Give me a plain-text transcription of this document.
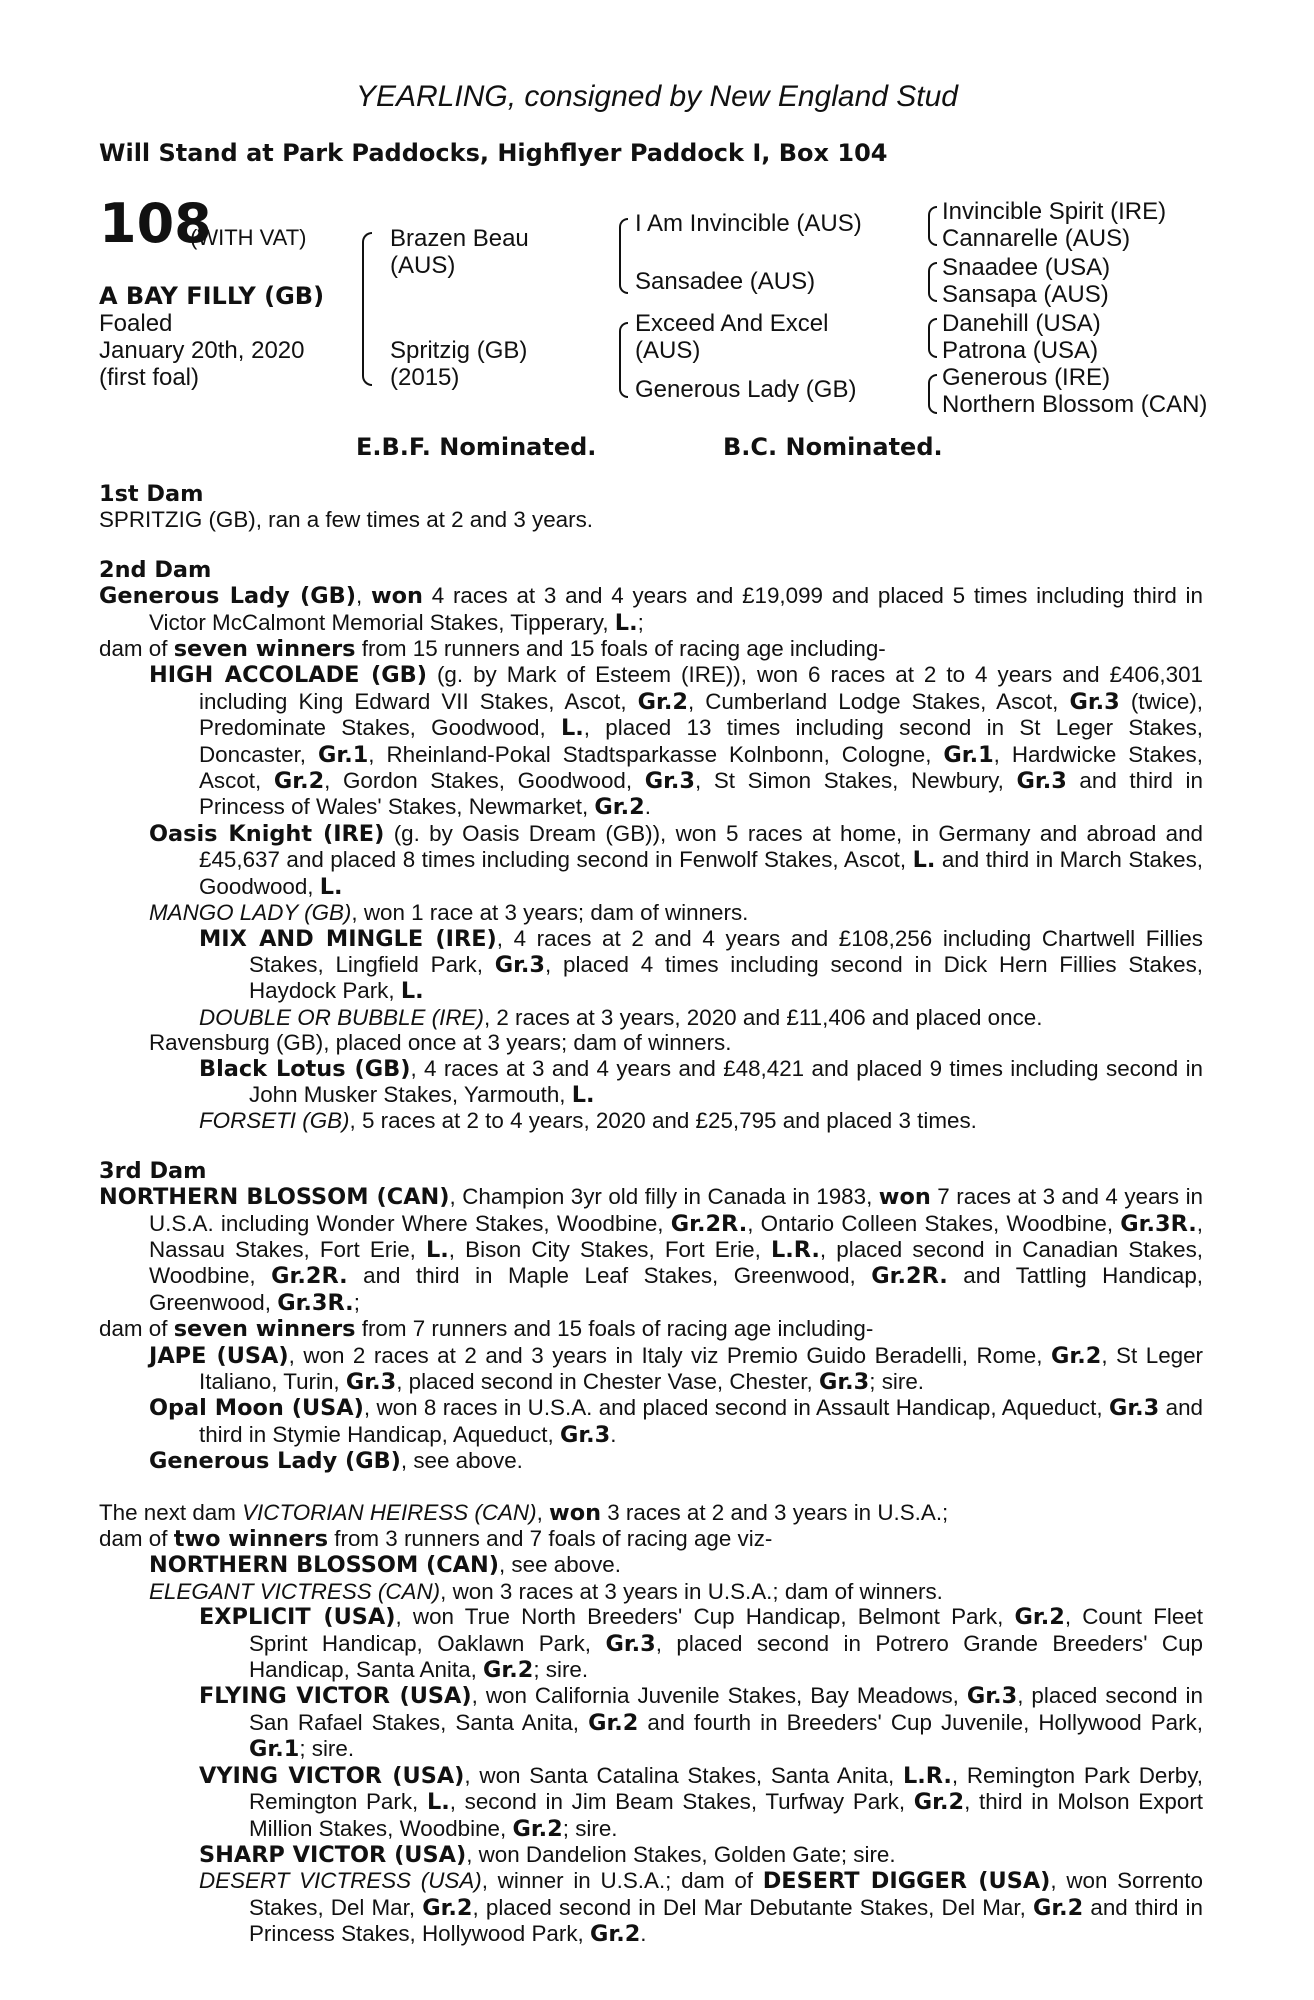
YEARLING, consigned by New England Stud
Will Stand at Park Paddocks, Highflyer Paddock I, Box 104
108
(WITH VAT)
A BAY FILLY (GB)
Foaled
January 20th, 2020
(first foal)
Brazen Beau
(AUS)
Spritzig (GB)
(2015)
I Am Invincible (AUS)
Sansadee (AUS)
Exceed And Excel
(AUS)
Generous Lady (GB)
Invincible Spirit (IRE)
Cannarelle (AUS)
Snaadee (USA)
Sansapa (AUS)
Danehill (USA)
Patrona (USA)
Generous (IRE)
Northern Blossom (CAN)
E.B.F. Nominated.	B.C. Nominated.
1st Dam
SPRITZIG (GB), ran a few times at 2 and 3 years.
2nd Dam
Generous Lady (GB), won 4 races at 3 and 4 years and £19,099 and placed 5 times including third in Victor McCalmont Memorial Stakes, Tipperary, L.;
dam of seven winners from 15 runners and 15 foals of racing age including-
HIGH ACCOLADE (GB) (g. by Mark of Esteem (IRE)), won 6 races at 2 to 4 years and £406,301 including King Edward VII Stakes, Ascot, Gr.2, Cumberland Lodge Stakes, Ascot, Gr.3 (twice), Predominate Stakes, Goodwood, L., placed 13 times including second in St Leger Stakes, Doncaster, Gr.1, Rheinland-Pokal Stadtsparkasse Kolnbonn, Cologne, Gr.1, Hardwicke Stakes, Ascot, Gr.2, Gordon Stakes, Goodwood, Gr.3, St Simon Stakes, Newbury, Gr.3 and third in Princess of Wales' Stakes, Newmarket, Gr.2.
Oasis Knight (IRE) (g. by Oasis Dream (GB)), won 5 races at home, in Germany and abroad and £45,637 and placed 8 times including second in Fenwolf Stakes, Ascot, L. and third in March Stakes, Goodwood, L.
MANGO LADY (GB), won 1 race at 3 years; dam of winners.
MIX AND MINGLE (IRE), 4 races at 2 and 4 years and £108,256 including Chartwell Fillies Stakes, Lingfield Park, Gr.3, placed 4 times including second in Dick Hern Fillies Stakes, Haydock Park, L.
DOUBLE OR BUBBLE (IRE), 2 races at 3 years, 2020 and £11,406 and placed once.
Ravensburg (GB), placed once at 3 years; dam of winners.
Black Lotus (GB), 4 races at 3 and 4 years and £48,421 and placed 9 times including second in John Musker Stakes, Yarmouth, L.
FORSETI (GB), 5 races at 2 to 4 years, 2020 and £25,795 and placed 3 times.
3rd Dam
NORTHERN BLOSSOM (CAN), Champion 3yr old filly in Canada in 1983, won 7 races at 3 and 4 years in U.S.A. including Wonder Where Stakes, Woodbine, Gr.2R., Ontario Colleen Stakes, Woodbine, Gr.3R., Nassau Stakes, Fort Erie, L., Bison City Stakes, Fort Erie, L.R., placed second in Canadian Stakes, Woodbine, Gr.2R. and third in Maple Leaf Stakes, Greenwood, Gr.2R. and Tattling Handicap, Greenwood, Gr.3R.;
dam of seven winners from 7 runners and 15 foals of racing age including-
JAPE (USA), won 2 races at 2 and 3 years in Italy viz Premio Guido Beradelli, Rome, Gr.2, St Leger Italiano, Turin, Gr.3, placed second in Chester Vase, Chester, Gr.3; sire.
Opal Moon (USA), won 8 races in U.S.A. and placed second in Assault Handicap, Aqueduct, Gr.3 and third in Stymie Handicap, Aqueduct, Gr.3.
Generous Lady (GB), see above.
The next dam VICTORIAN HEIRESS (CAN), won 3 races at 2 and 3 years in U.S.A.;
dam of two winners from 3 runners and 7 foals of racing age viz-
NORTHERN BLOSSOM (CAN), see above.
ELEGANT VICTRESS (CAN), won 3 races at 3 years in U.S.A.; dam of winners.
EXPLICIT (USA), won True North Breeders' Cup Handicap, Belmont Park, Gr.2, Count Fleet Sprint Handicap, Oaklawn Park, Gr.3, placed second in Potrero Grande Breeders' Cup Handicap, Santa Anita, Gr.2; sire.
FLYING VICTOR (USA), won California Juvenile Stakes, Bay Meadows, Gr.3, placed second in San Rafael Stakes, Santa Anita, Gr.2 and fourth in Breeders' Cup Juvenile, Hollywood Park, Gr.1; sire.
VYING VICTOR (USA), won Santa Catalina Stakes, Santa Anita, L.R., Remington Park Derby, Remington Park, L., second in Jim Beam Stakes, Turfway Park, Gr.2, third in Molson Export Million Stakes, Woodbine, Gr.2; sire.
SHARP VICTOR (USA), won Dandelion Stakes, Golden Gate; sire.
DESERT VICTRESS (USA), winner in U.S.A.; dam of DESERT DIGGER (USA), won Sorrento Stakes, Del Mar, Gr.2, placed second in Del Mar Debutante Stakes, Del Mar, Gr.2 and third in Princess Stakes, Hollywood Park, Gr.2.
